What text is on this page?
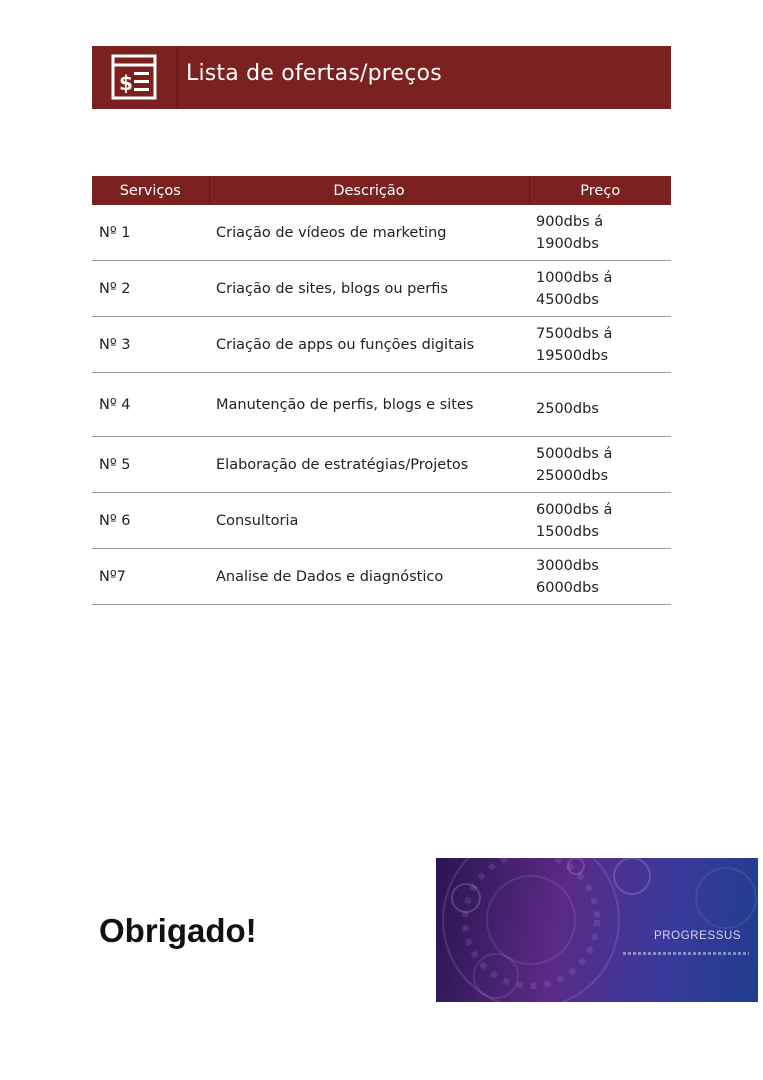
$ Lista de ofertas/preços
Serviços	Descrição	Preço
Nº 1	Criação de vídeos de marketing	900dbs á
1900dbs

Nº 2	Criação de sites, blogs ou perfis	1000dbs á
4500dbs

Nº 3	Criação de apps ou funções digitais	7500dbs á
19500dbs

Nº 4	Manutenção de perfis, blogs e sites	2500dbs

Nº 5	Elaboração de estratégias/Projetos	5000dbs á
25000dbs

Nº 6	Consultoria	6000dbs á
1500dbs

Nº7	Analise de Dados e diagnóstico	3000dbs
6000dbs
Obrigado!	PROGRESSUS
